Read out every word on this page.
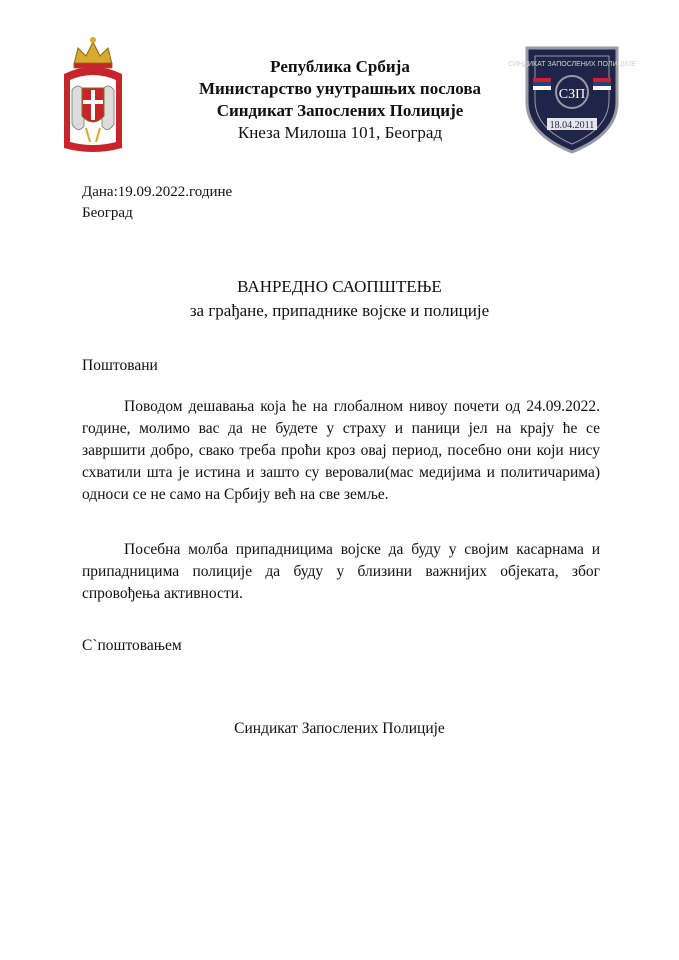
СИНДИКАТ ЗАПОСЛЕНИХ ПОЛИЦИЈЕ
СЗП
18.04.2011
Република Србија
Министарство унутрашњих послова
Синдикат Запослених Полиције
Кнеза Милоша 101, Београд
Дана:19.09.2022.године
Београд
ВАНРЕДНО САОПШТЕЊЕ
за грађане, припаднике војске и полиције
Поштовани
Поводом дешавања која ће на глобалном нивоу почети од 24.09.2022. године, молимо вас да не будете у страху и паници јел на крају ће се завршити добро, свако треба проћи кроз овај период, посебно они који нису схватили шта је истина и зашто су веровали(мас медијима и политичарима) односи се не само на Србију већ на све земље.
Посебна молба припадницима војске да буду у својим касарнама и припадницима полиције да буду у близини важнијих објеката, због спровођења активности.
С`поштовањем
Синдикат Запослених Полиције
